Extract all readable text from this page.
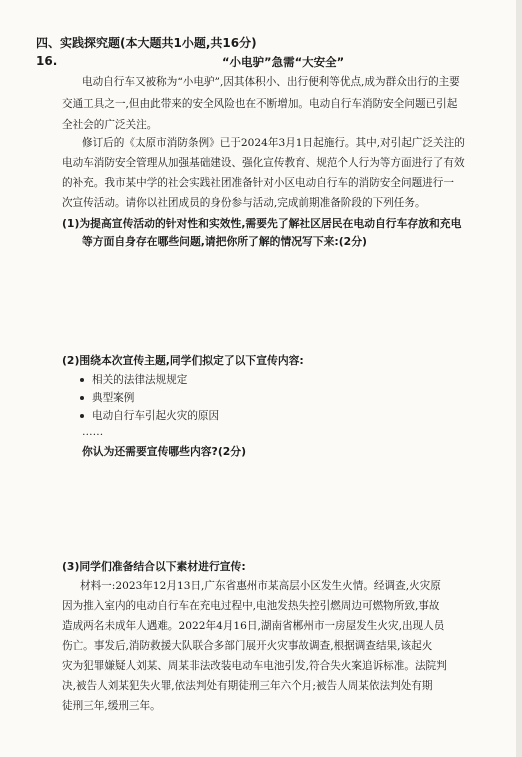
四、实践探究题(本大题共1小题,共16分)
16.	“小电驴”急需“大安全”
电动自行车又被称为“小电驴”,因其体积小、出行便利等优点,成为群众出行的主要
交通工具之一,但由此带来的安全风险也在不断增加。电动自行车消防安全问题已引起
全社会的广泛关注。
修订后的《太原市消防条例》已于2024年3月1日起施行。其中,对引起广泛关注的
电动车消防安全管理从加强基础建设、强化宣传教育、规范个人行为等方面进行了有效
的补充。我市某中学的社会实践社团准备针对小区电动自行车的消防安全问题进行一
次宣传活动。请你以社团成员的身份参与活动,完成前期准备阶段的下列任务。
(1)为提高宣传活动的针对性和实效性,需要先了解社区居民在电动自行车存放和充电
等方面自身存在哪些问题,请把你所了解的情况写下来:(2分)
(2)围绕本次宣传主题,同学们拟定了以下宣传内容:
相关的法律法规规定
典型案例
电动自行车引起火灾的原因
……
你认为还需要宣传哪些内容?(2分)
(3)同学们准备结合以下素材进行宣传:
材料一:2023年12月13日,广东省惠州市某高层小区发生火情。经调查,火灾原
因为推入室内的电动自行车在充电过程中,电池发热失控引燃周边可燃物所致,事故
造成两名未成年人遇难。2022年4月16日,湖南省郴州市一房屋发生火灾,出现人员
伤亡。事发后,消防救援大队联合多部门展开火灾事故调查,根据调查结果,该起火
灾为犯罪嫌疑人刘某、周某非法改装电动车电池引发,符合失火案追诉标准。法院判
决,被告人刘某犯失火罪,依法判处有期徒刑三年六个月;被告人周某依法判处有期
徒刑三年,缓刑三年。
